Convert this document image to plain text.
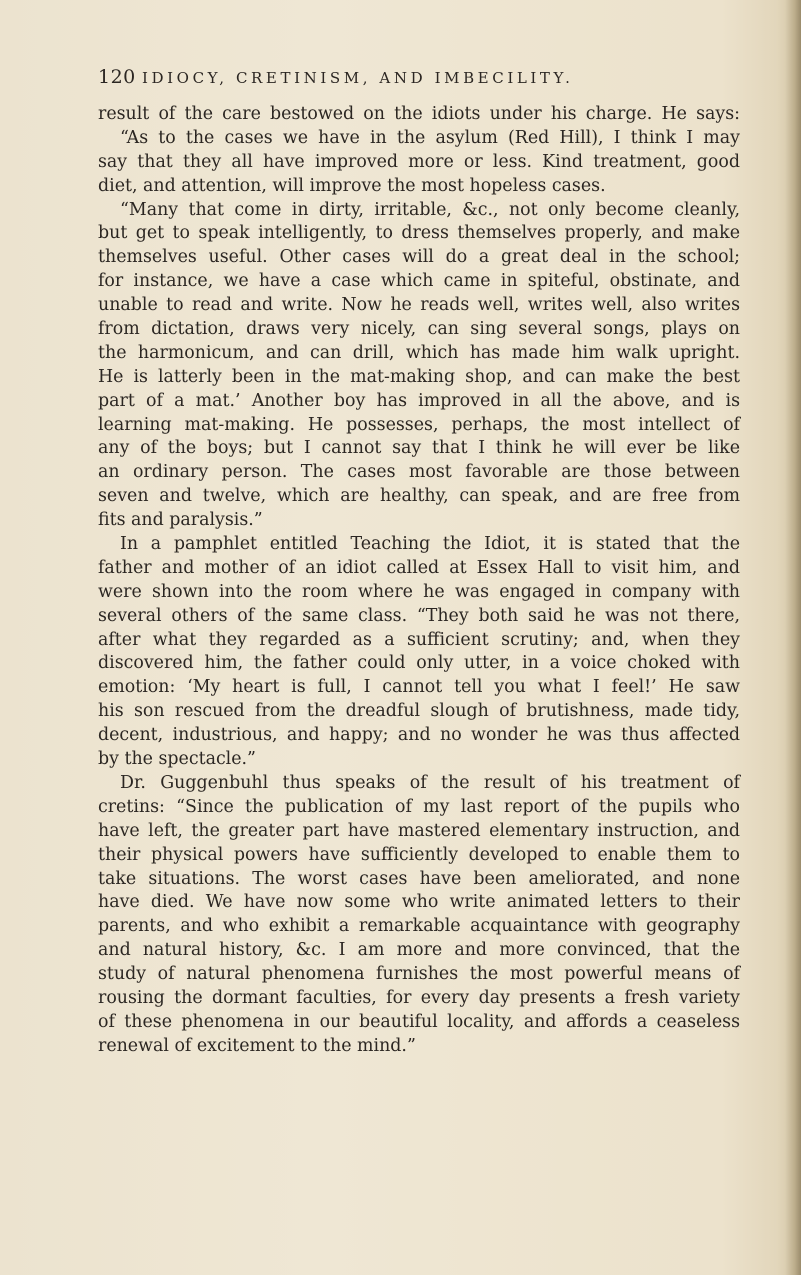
120 IDIOCY, CRETINISM, AND IMBECILITY.
result of the care bestowed on the idiots under his charge. He says:
“As to the cases we have in the asylum (Red Hill), I think I may
say that they all have improved more or less. Kind treatment, good
diet, and attention, will improve the most hopeless cases.
“Many that come in dirty, irritable, &c., not only become cleanly,
but get to speak intelligently, to dress themselves properly, and make
themselves useful. Other cases will do a great deal in the school;
for instance, we have a case which came in spiteful, obstinate, and
unable to read and write. Now he reads well, writes well, also writes
from dictation, draws very nicely, can sing several songs, plays on
the harmonicum, and can drill, which has made him walk upright.
He is latterly been in the mat-making shop, and can make the best
part of a mat.’ Another boy has improved in all the above, and is
learning mat-making. He possesses, perhaps, the most intellect of
any of the boys; but I cannot say that I think he will ever be like
an ordinary person. The cases most favorable are those between
seven and twelve, which are healthy, can speak, and are free from
fits and paralysis.”
In a pamphlet entitled Teaching the Idiot, it is stated that the
father and mother of an idiot called at Essex Hall to visit him, and
were shown into the room where he was engaged in company with
several others of the same class. “They both said he was not there,
after what they regarded as a sufficient scrutiny; and, when they
discovered him, the father could only utter, in a voice choked with
emotion: ‘My heart is full, I cannot tell you what I feel!’ He saw
his son rescued from the dreadful slough of brutishness, made tidy,
decent, industrious, and happy; and no wonder he was thus affected
by the spectacle.”
Dr. Guggenbuhl thus speaks of the result of his treatment of
cretins: “Since the publication of my last report of the pupils who
have left, the greater part have mastered elementary instruction, and
their physical powers have sufficiently developed to enable them to
take situations. The worst cases have been ameliorated, and none
have died. We have now some who write animated letters to their
parents, and who exhibit a remarkable acquaintance with geography
and natural history, &c. I am more and more convinced, that the
study of natural phenomena furnishes the most powerful means of
rousing the dormant faculties, for every day presents a fresh variety
of these phenomena in our beautiful locality, and affords a ceaseless
renewal of excitement to the mind.”
